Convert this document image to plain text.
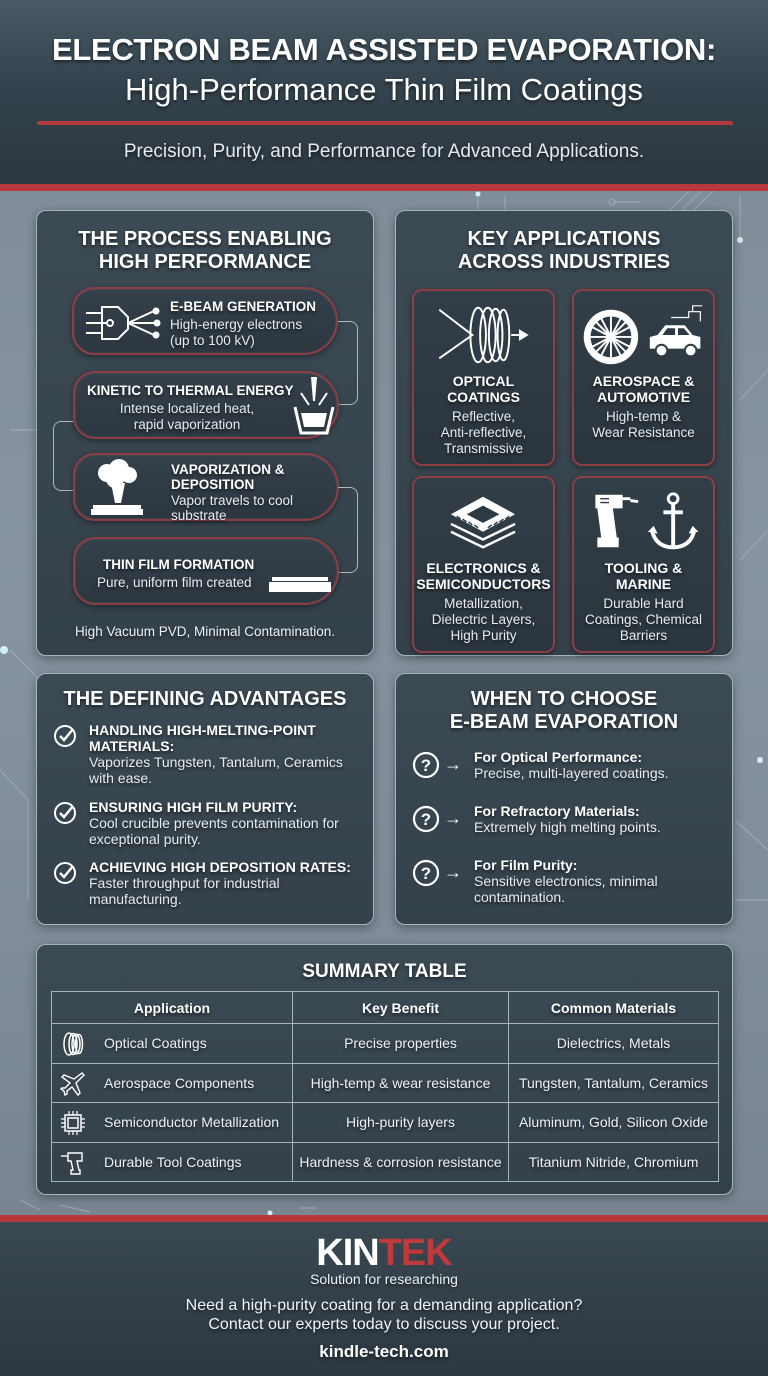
ELECTRON BEAM ASSISTED EVAPORATION:
High-Performance Thin Film Coatings
Precision, Purity, and Performance for Advanced Applications.
THE PROCESS ENABLING
HIGH PERFORMANCE
E-BEAM GENERATION
High-energy electrons
(up to 100 kV)
KINETIC TO THERMAL ENERGY
Intense localized heat,
rapid vaporization
VAPORIZATION &
DEPOSITION
Vapor travels to cool
substrate
THIN FILM FORMATION
Pure, uniform film created
High Vacuum PVD, Minimal Contamination.
KEY APPLICATIONS
ACROSS INDUSTRIES
OPTICAL
COATINGS
Reflective,
Anti-reflective,
Transmissive
AEROSPACE &
AUTOMOTIVE
High-temp &
Wear Resistance
ELECTRONICS &
SEMICONDUCTORS
Metallization,
Dielectric Layers,
High Purity
TOOLING &
MARINE
Durable Hard
Coatings, Chemical
Barriers
THE DEFINING ADVANTAGES
HANDLING HIGH-MELTING-POINT
MATERIALS:
Vaporizes Tungsten, Tantalum, Ceramics
with ease.
ENSURING HIGH FILM PURITY:
Cool crucible prevents contamination for
exceptional purity.
ACHIEVING HIGH DEPOSITION RATES:
Faster throughput for industrial
manufacturing.
WHEN TO CHOOSE
E-BEAM EVAPORATION
? → For Optical Performance:
Precise, multi-layered coatings.
? → For Refractory Materials:
Extremely high melting points.
? → For Film Purity:
Sensitive electronics, minimal
contamination.
SUMMARY TABLE
Application	Key Benefit	Common Materials

Optical Coatings	Precise properties	Dielectrics, Metals

Aerospace Components	High-temp & wear resistance	Tungsten, Tantalum, Ceramics

Semiconductor Metallization	High-purity layers	Aluminum, Gold, Silicon Oxide

Durable Tool Coatings	Hardness & corrosion resistance	Titanium Nitride, Chromium
KINTEK
Solution for researching
Need a high-purity coating for a demanding application?
Contact our experts today to discuss your project.
kindle-tech.com
